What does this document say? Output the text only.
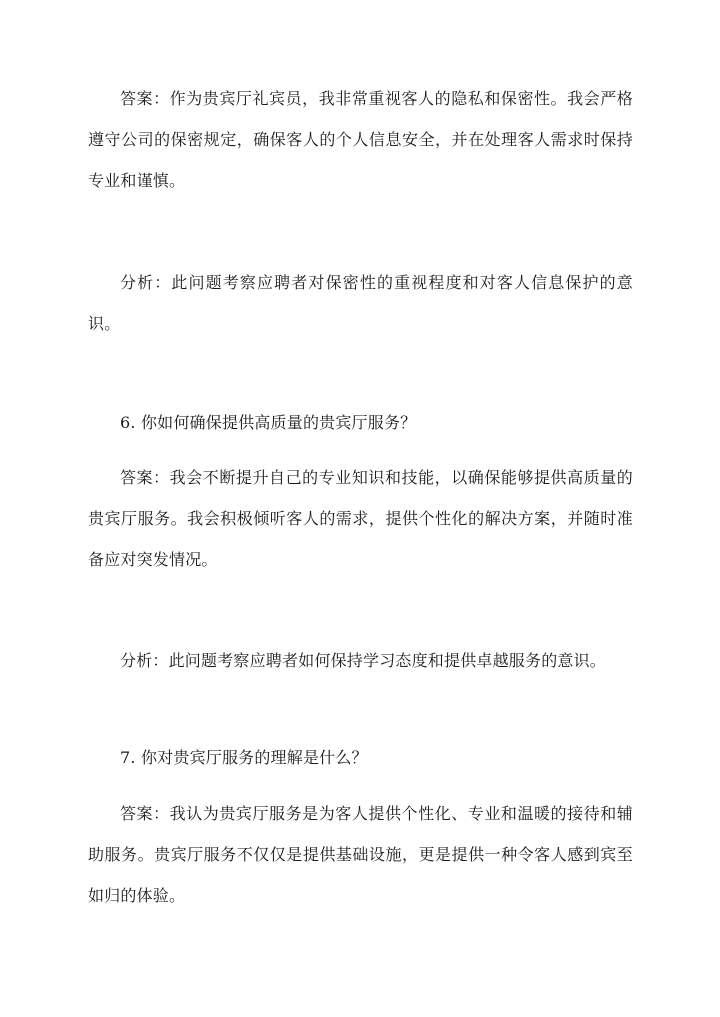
答案：作为贵宾厅礼宾员，我非常重视客人的隐私和保密性。我会严格遵守公司的保密规定，确保客人的个人信息安全，并在处理客人需求时保持专业和谨慎。

分析：此问题考察应聘者对保密性的重视程度和对客人信息保护的意识。

6. 你如何确保提供高质量的贵宾厅服务？

答案：我会不断提升自己的专业知识和技能，以确保能够提供高质量的贵宾厅服务。我会积极倾听客人的需求，提供个性化的解决方案，并随时准备应对突发情况。

分析：此问题考察应聘者如何保持学习态度和提供卓越服务的意识。

7. 你对贵宾厅服务的理解是什么？

答案：我认为贵宾厅服务是为客人提供个性化、专业和温暖的接待和辅助服务。贵宾厅服务不仅仅是提供基础设施，更是提供一种令客人感到宾至如归的体验。
